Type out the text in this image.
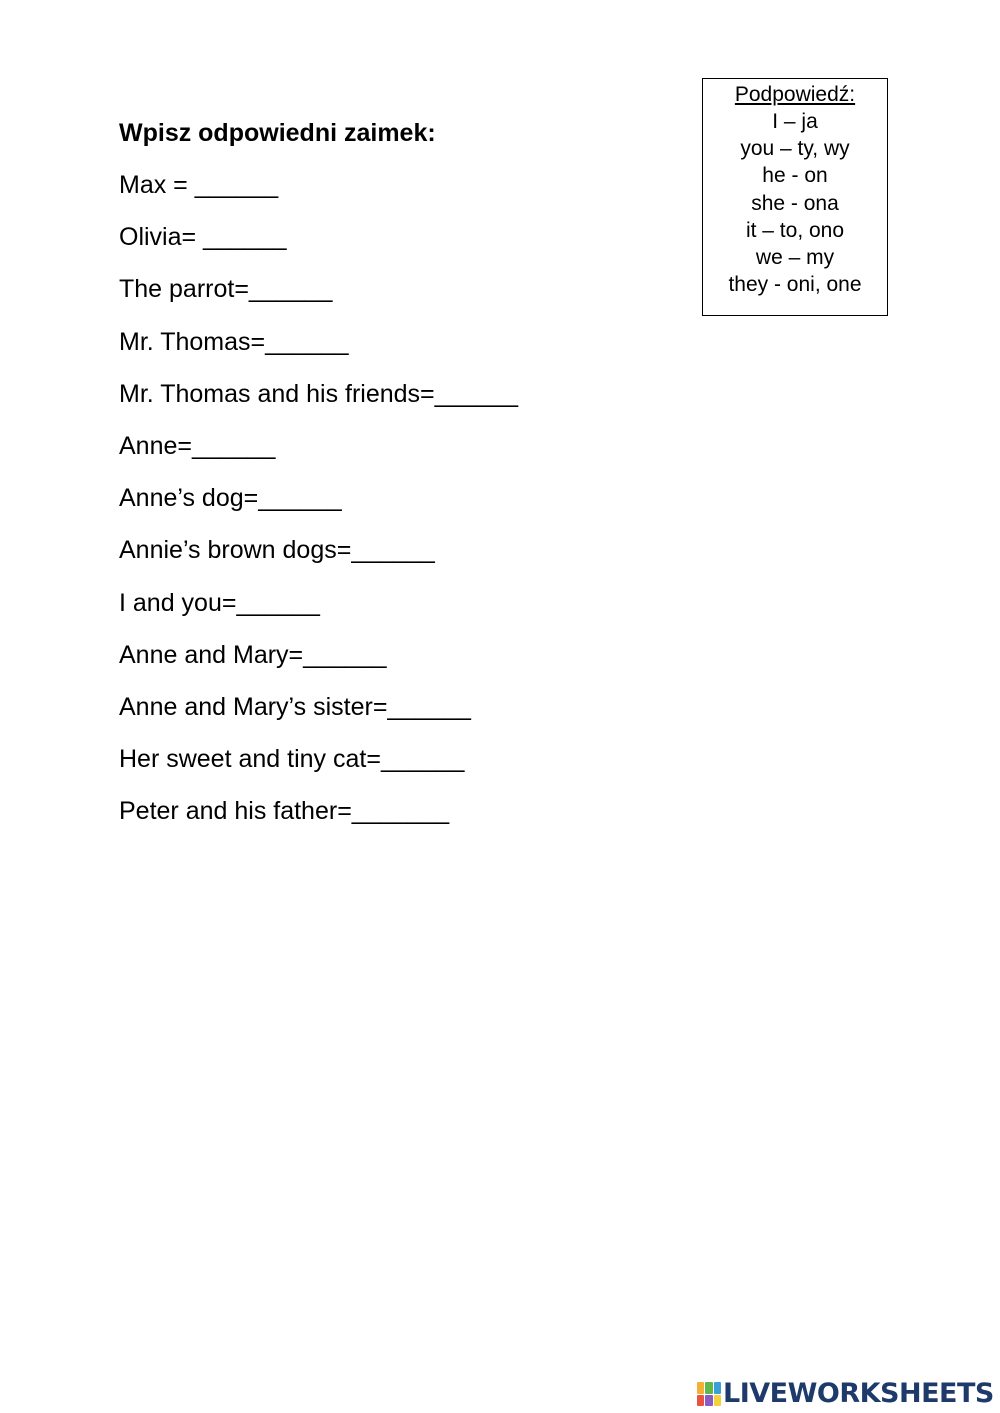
Wpisz odpowiedni zaimek:
Max = ______
Olivia= ______
The parrot=______
Mr. Thomas=______
Mr. Thomas and his friends=______
Anne=______
Anne’s dog=______
Annie’s brown dogs=______
I and you=______
Anne and Mary=______
Anne and Mary’s sister=______
Her sweet and tiny cat=______
Peter and his father=_______
Podpowiedź:
I – ja
you – ty, wy
he - on
she - ona
it – to, ono
we – my
they - oni, one
LIVEWORKSHEETS
